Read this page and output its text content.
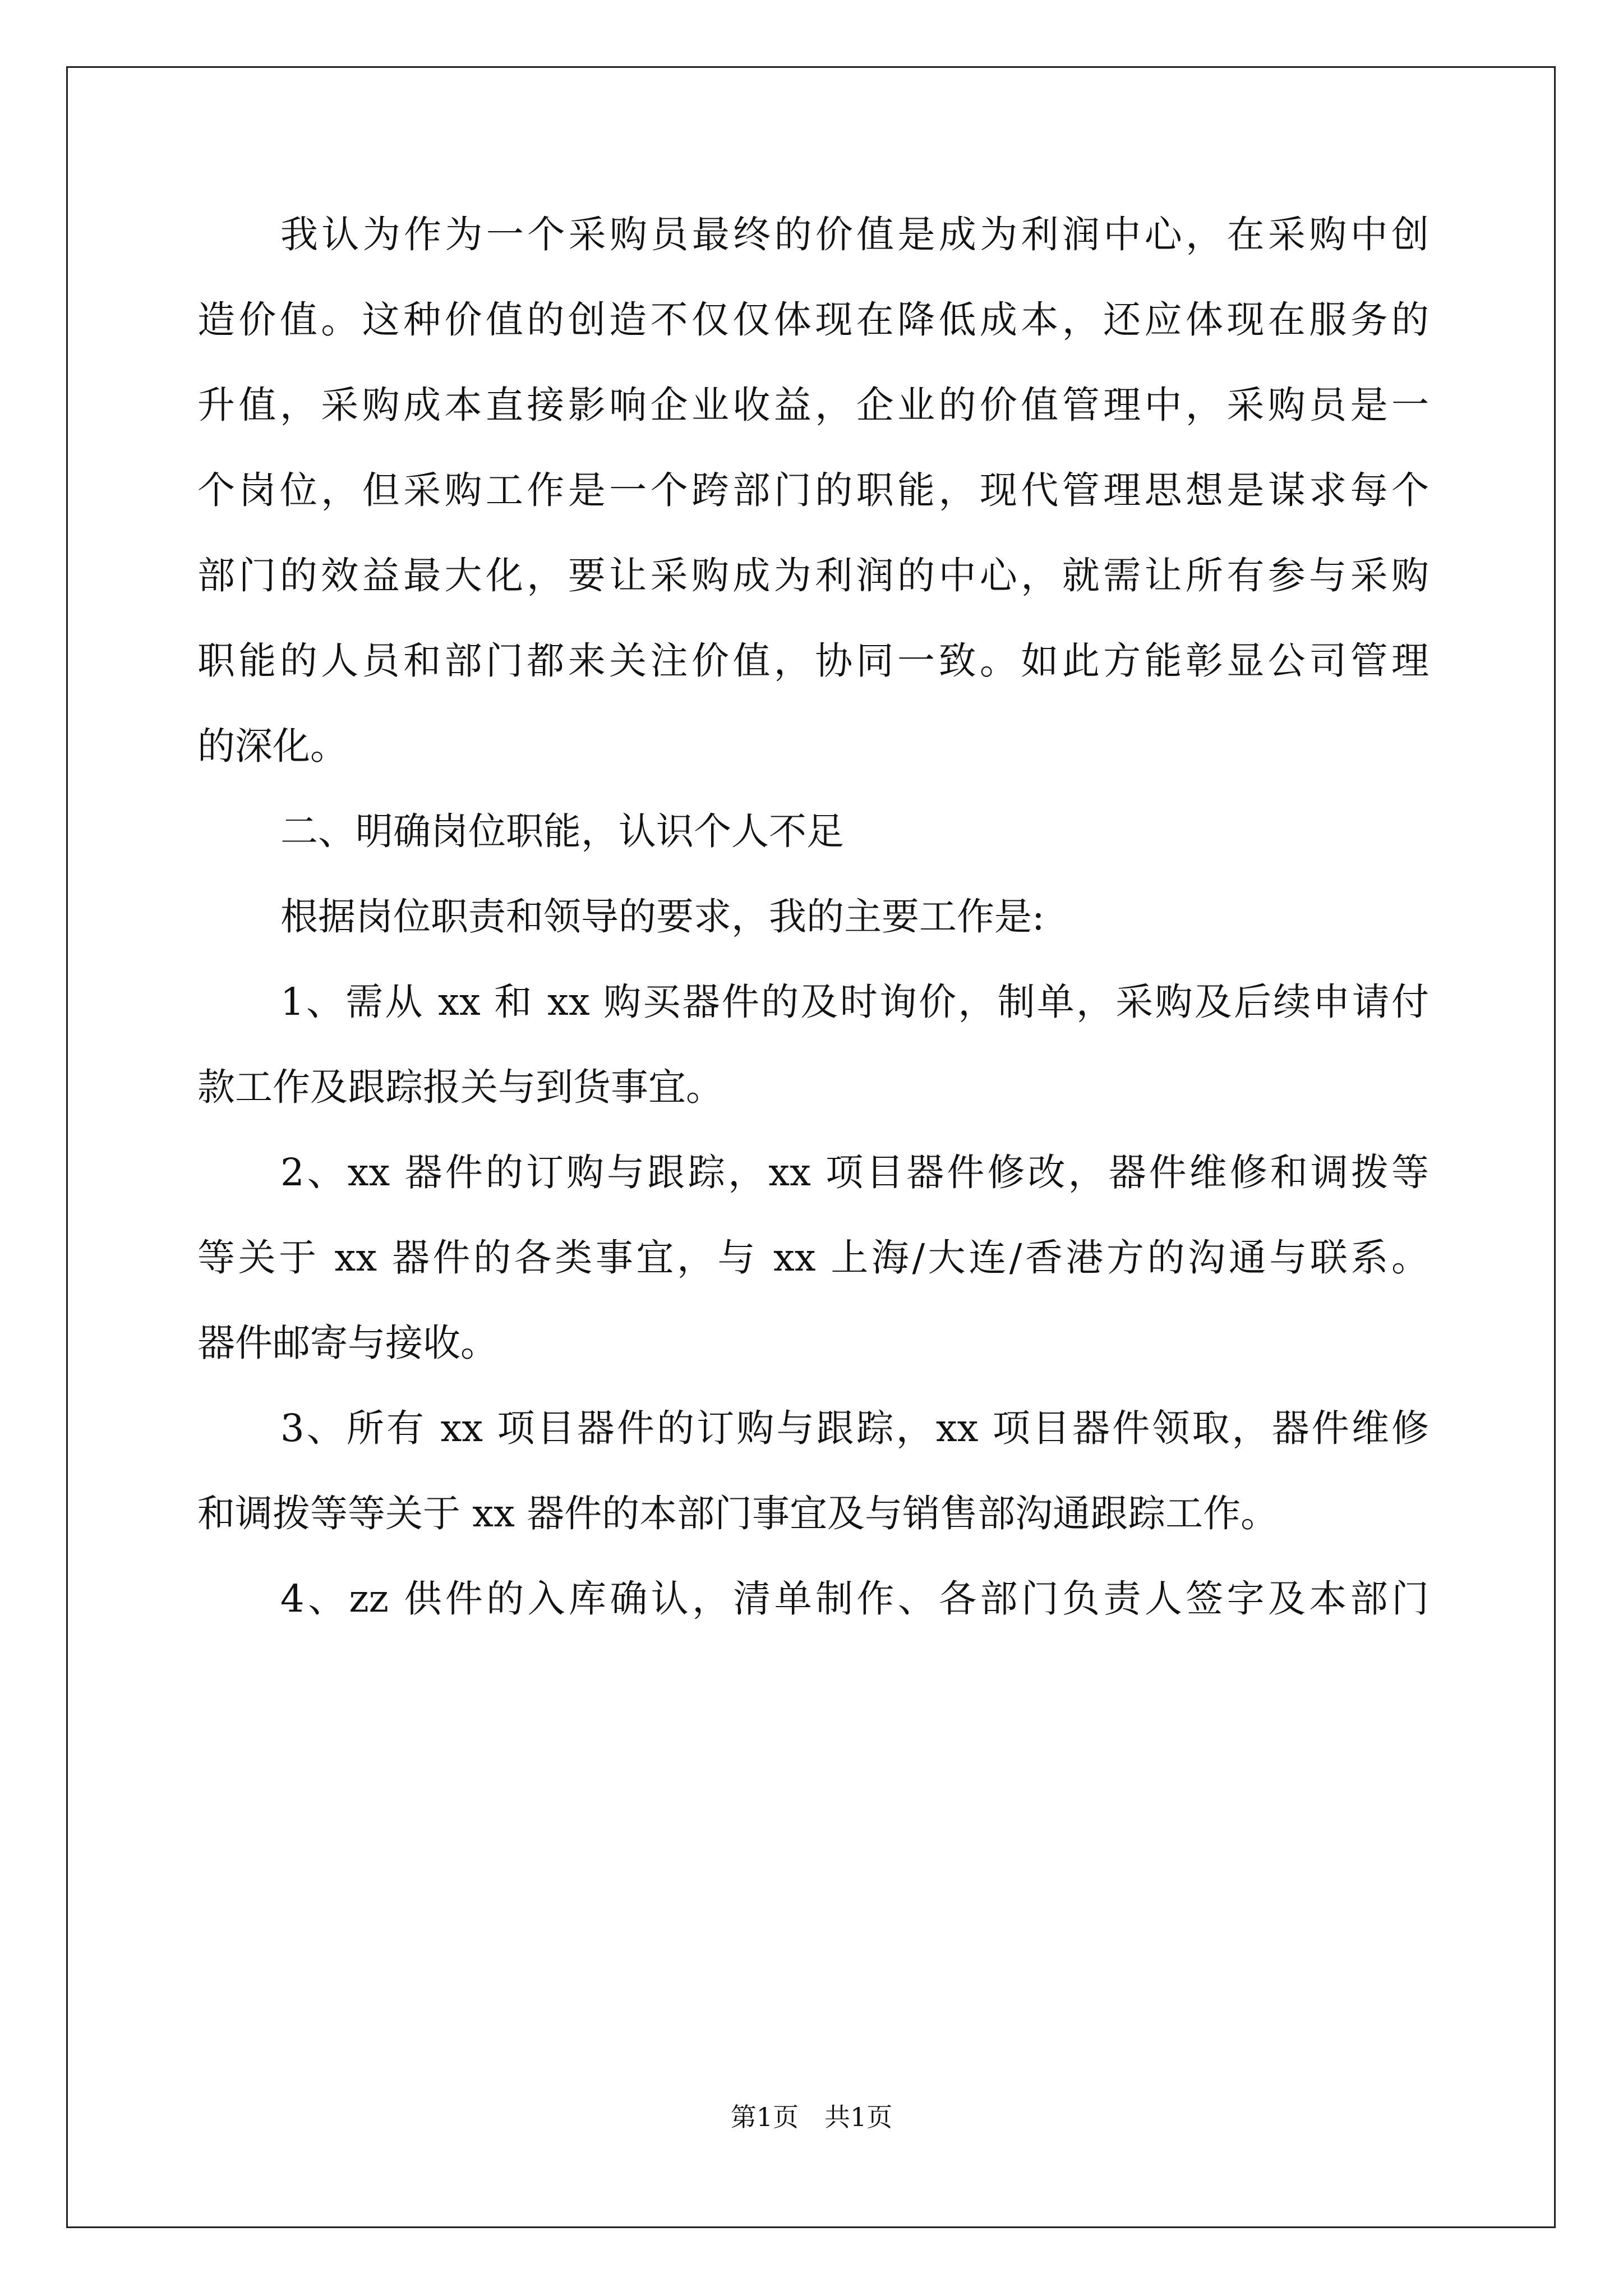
我认为作为一个采购员最终的价值是成为利润中心，在采购中创
造价值。这种价值的创造不仅仅体现在降低成本，还应体现在服务的
升值，采购成本直接影响企业收益，企业的价值管理中，采购员是一
个岗位，但采购工作是一个跨部门的职能，现代管理思想是谋求每个
部门的效益最大化，要让采购成为利润的中心，就需让所有参与采购
职能的人员和部门都来关注价值，协同一致。如此方能彰显公司管理
的深化。
二、明确岗位职能，认识个人不足
根据岗位职责和领导的要求，我的主要工作是:
1、需从 xx 和 xx 购买器件的及时询价，制单，采购及后续申请付
款工作及跟踪报关与到货事宜。
2、xx 器件的订购与跟踪，xx 项目器件修改，器件维修和调拨等
等关于 xx 器件的各类事宜，与 xx 上海/大连/香港方的沟通与联系。
器件邮寄与接收。
3、所有 xx 项目器件的订购与跟踪，xx 项目器件领取，器件维修
和调拨等等关于 xx 器件的本部门事宜及与销售部沟通跟踪工作。
4、zz 供件的入库确认，清单制作、各部门负责人签字及本部门
第1页　共1页
